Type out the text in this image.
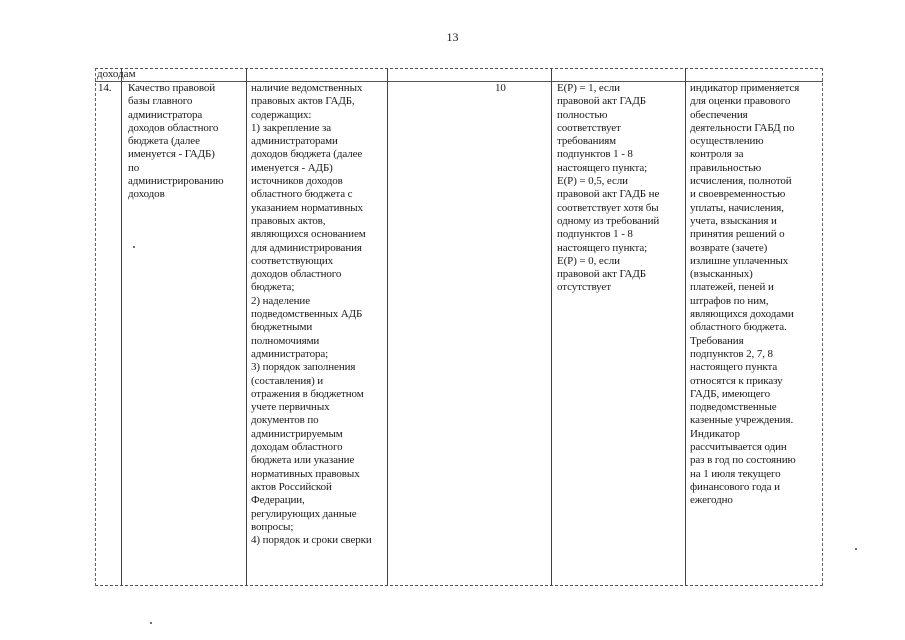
13
доходам
14.	Качество правовой
базы главного
администратора
доходов областного
бюджета (далее
именуется - ГАДБ)
по
администрированию
доходов
наличие ведомственных
правовых актов ГАДБ,
содержащих:
1) закрепление за
администраторами
доходов бюджета (далее
именуется - АДБ)
источников доходов
областного бюджета с
указанием нормативных
правовых актов,
являющихся основанием
для администрирования
соответствующих
доходов областного
бюджета;
2) наделение
подведомственных АДБ
бюджетными
полномочиями
администратора;
3) порядок заполнения
(составления) и
отражения в бюджетном
учете первичных
документов по
администрируемым
доходам областного
бюджета или указание
нормативных правовых
актов Российской
Федерации,
регулирующих данные
вопросы;
4) порядок и сроки сверки
10	Е(Р) = 1, если
правовой акт ГАДБ
полностью
соответствует
требованиям
подпунктов 1 - 8
настоящего пункта;
Е(Р) = 0,5, если
правовой акт ГАДБ не
соответствует хотя бы
одному из требований
подпунктов 1 - 8
настоящего пункта;
Е(Р) = 0, если
правовой акт ГАДБ
отсутствует
индикатор применяется
для оценки правового
обеспечения
деятельности ГАБД по
осуществлению
контроля за
правильностью
исчисления, полнотой
и своевременностью
уплаты, начисления,
учета, взыскания и
принятия решений о
возврате (зачете)
излишне уплаченных
(взысканных)
платежей, пеней и
штрафов по ним,
являющихся доходами
областного бюджета.
Требования
подпунктов 2, 7, 8
настоящего пункта
относятся к приказу
ГАДБ, имеющего
подведомственные
казенные учреждения.
Индикатор
рассчитывается один
раз в год по состоянию
на 1 июля текущего
финансового года и
ежегодно
